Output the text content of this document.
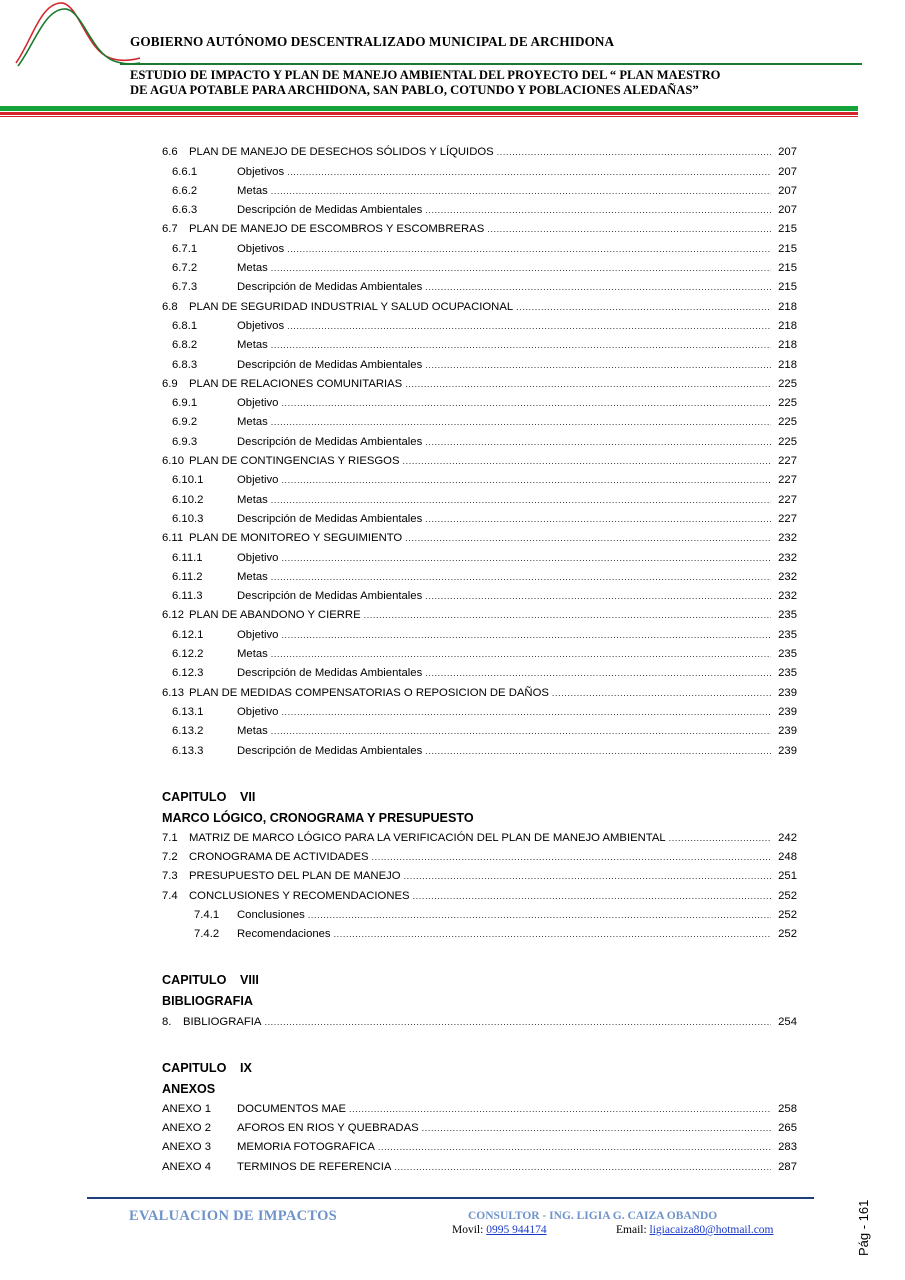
GOBIERNO AUTÓNOMO DESCENTRALIZADO MUNICIPAL DE ARCHIDONA
ESTUDIO DE IMPACTO Y PLAN DE MANEJO AMBIENTAL DEL PROYECTO DEL “ PLAN MAESTRO
DE AGUA POTABLE PARA ARCHIDONA, SAN PABLO, COTUNDO Y POBLACIONES ALEDAÑAS”
6.6 PLAN DE MANEJO DE DESECHOS SÓLIDOS Y LÍQUIDOS .....	207
6.6.1	Objetivos .....	207
6.6.2	Metas .....	207
6.6.3	Descripción de Medidas Ambientales .....	207
6.7 PLAN DE MANEJO DE ESCOMBROS Y ESCOMBRERAS .....	215
6.7.1	Objetivos .....	215
6.7.2	Metas .....	215
6.7.3	Descripción de Medidas Ambientales .....	215
6.8 PLAN DE SEGURIDAD INDUSTRIAL Y SALUD OCUPACIONAL .....	218
6.8.1	Objetivos .....	218
6.8.2	Metas .....	218
6.8.3	Descripción de Medidas Ambientales .....	218
6.9 PLAN DE RELACIONES COMUNITARIAS .....	225
6.9.1	Objetivo .....	225
6.9.2	Metas .....	225
6.9.3	Descripción de Medidas Ambientales .....	225
6.10 PLAN DE CONTINGENCIAS Y RIESGOS .....	227
6.10.1	Objetivo .....	227
6.10.2	Metas .....	227
6.10.3	Descripción de Medidas Ambientales .....	227
6.11 PLAN DE MONITOREO Y SEGUIMIENTO .....	232
6.11.1	Objetivo .....	232
6.11.2	Metas .....	232
6.11.3	Descripción de Medidas Ambientales .....	232
6.12 PLAN DE ABANDONO Y CIERRE .....	235
6.12.1	Objetivo .....	235
6.12.2	Metas .....	235
6.12.3	Descripción de Medidas Ambientales .....	235
6.13 PLAN DE MEDIDAS COMPENSATORIAS O REPOSICION DE DAÑOS .....	239
6.13.1	Objetivo .....	239
6.13.2	Metas .....	239
6.13.3	Descripción de Medidas Ambientales .....	239
CAPITULO	VII
MARCO LÓGICO, CRONOGRAMA Y PRESUPUESTO
7.1 MATRIZ DE MARCO LÓGICO PARA LA VERIFICACIÓN DEL PLAN DE MANEJO AMBIENTAL .....	242
7.2 CRONOGRAMA DE ACTIVIDADES .....	248
7.3 PRESUPUESTO DEL PLAN DE MANEJO .....	251
7.4 CONCLUSIONES Y RECOMENDACIONES .....	252
7.4.1	Conclusiones .....	252
7.4.2	Recomendaciones .....	252
CAPITULO	VIII
BIBLIOGRAFIA
8.	BIBLIOGRAFIA .....	254
CAPITULO	IX
ANEXOS
ANEXO 1	DOCUMENTOS MAE .....	258
ANEXO 2	AFOROS EN RIOS Y QUEBRADAS .....	265
ANEXO 3	MEMORIA FOTOGRAFICA .....	283
ANEXO 4	TERMINOS DE REFERENCIA .....	287
EVALUACION DE IMPACTOS	CONSULTOR - ING. LIGIA G. CAIZA OBANDO
Movil: 0995 944174	Email: ligiacaiza80@hotmail.com	Pág - 161
